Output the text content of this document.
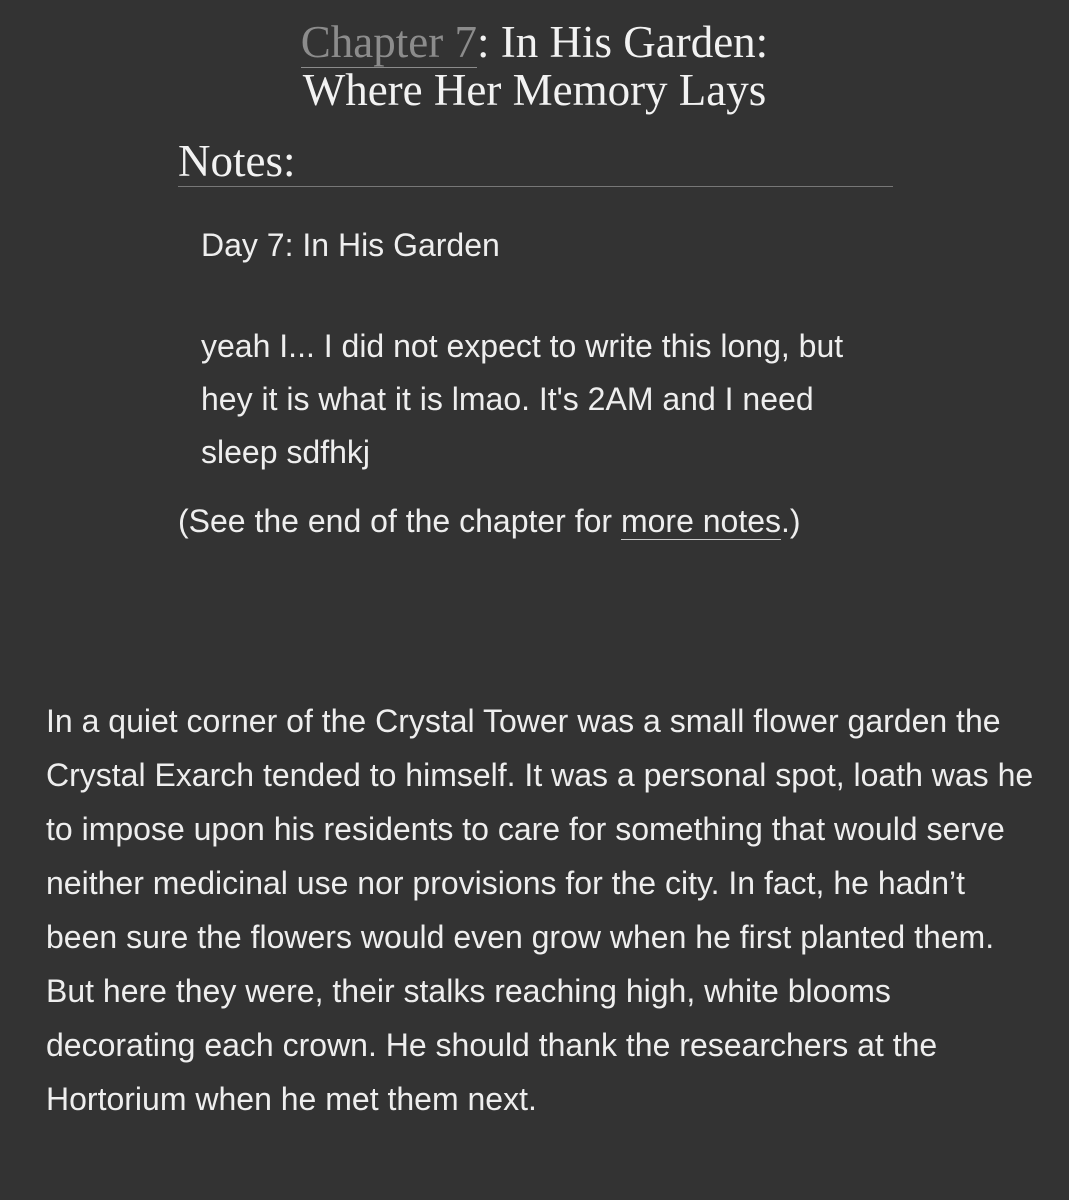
Chapter 7: In His Garden:
Where Her Memory Lays
Notes:

Day 7: In His Garden

yeah I... I did not expect to write this long, but hey it is what it is lmao. It's 2AM and I need sleep sdfhkj

(See the end of the chapter for more notes.)

In a quiet corner of the Crystal Tower was a small flower garden the Crystal Exarch tended to himself. It was a personal spot, loath was he to impose upon his residents to care for something that would serve neither medicinal use nor provisions for the city. In fact, he hadn’t been sure the flowers would even grow when he first planted them. But here they were, their stalks reaching high, white blooms decorating each crown. He should thank the researchers at the Hortorium when he met them next.
